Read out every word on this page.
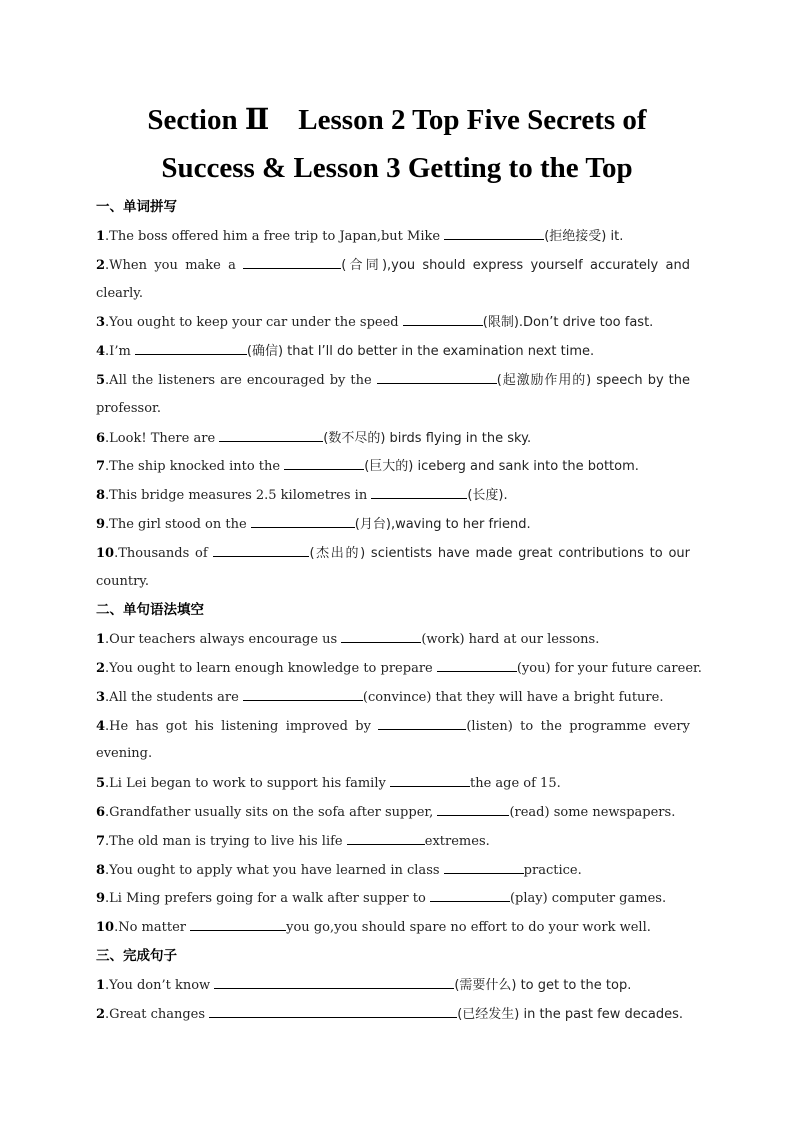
Section Ⅱ　Lesson 2 Top Five Secrets of
Success & Lesson 3 Getting to the Top
一、单词拼写
1.The boss offered him a free trip to Japan,but Mike	(拒绝接受) it.
2.When you make a	(合同),you should express yourself accurately and
clearly.
3.You ought to keep your car under the speed	(限制).Don’t drive too fast.
4.I’m	(确信) that I’ll do better in the examination next time.
5.All the listeners are encouraged by the	(起激励作用的) speech by the
professor.
6.Look! There are	(数不尽的) birds flying in the sky.
7.The ship knocked into the	(巨大的) iceberg and sank into the bottom.
8.This bridge measures 2.5 kilometres in	(长度).
9.The girl stood on the	(月台),waving to her friend.
10.Thousands of	(杰出的) scientists have made great contributions to our
country.
二、单句语法填空
1.Our teachers always encourage us	(work) hard at our lessons.
2.You ought to learn enough knowledge to prepare	(you) for your future career.
3.All the students are	(convince) that they will have a bright future.
4.He has got his listening improved by	(listen) to the programme every
evening.
5.Li Lei began to work to support his family	the age of 15.
6.Grandfather usually sits on the sofa after supper,	(read) some newspapers.
7.The old man is trying to live his life	extremes.
8.You ought to apply what you have learned in class	practice.
9.Li Ming prefers going for a walk after supper to	(play) computer games.
10.No matter	you go,you should spare no effort to do your work well.
三、完成句子
1.You don’t know	(需要什么) to get to the top.
2.Great changes	(已经发生) in the past few decades.
